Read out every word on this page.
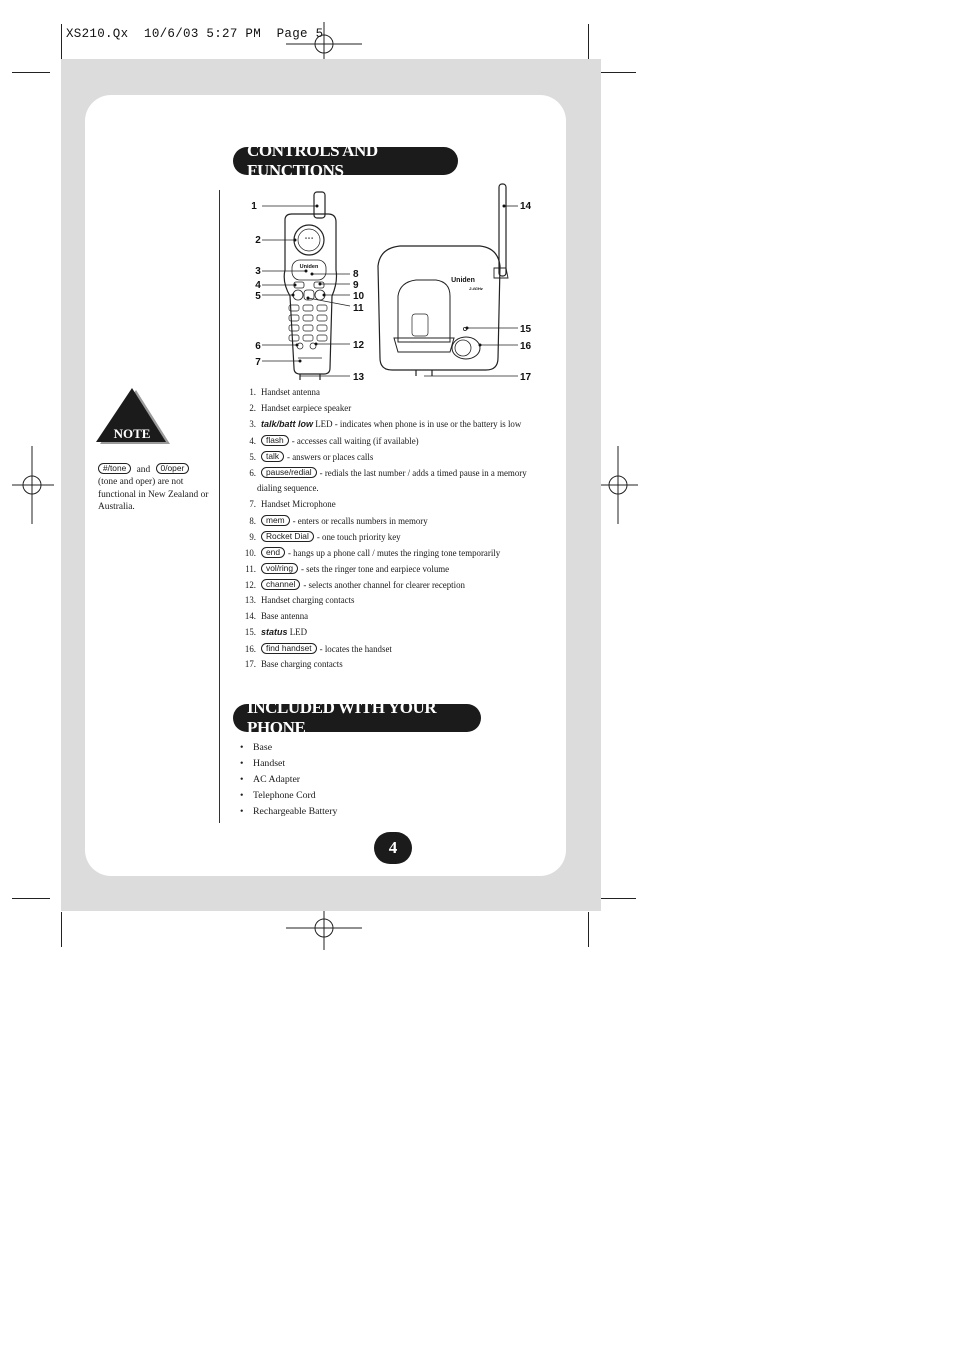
XS210.Qx  10/6/03 5:27 PM  Page 5
CONTROLS AND FUNCTIONS
INCLUDED WITH YOUR PHONE
NOTE
#/tone and 0/oper
(tone and oper) are not functional in New Zealand or Australia.
● ● ●
Uniden
Uniden
2.4GHz
1
2
3
4
5
6
7
8
9
10
11
12
13
14
15
16
17
1. Handset antenna
2. Handset earpiece speaker
3. talk/batt low LED - indicates when phone is in use or the battery is low
4. flash - accesses call waiting (if available)
5. talk - answers or places calls
6. pause/redial - redials the last number / adds a timed pause in a memory
dialing sequence.
7. Handset Microphone
8. mem - enters or recalls numbers in memory
9. Rocket Dial - one touch priority key
10. end - hangs up a phone call / mutes the ringing tone temporarily
11. vol/ring - sets the ringer tone and earpiece volume
12. channel - selects another channel for clearer reception
13. Handset charging contacts
14. Base antenna
15. status LED
16. find handset - locates the handset
17. Base charging contacts
• Base
• Handset
• AC Adapter
• Telephone Cord
• Rechargeable Battery
4
